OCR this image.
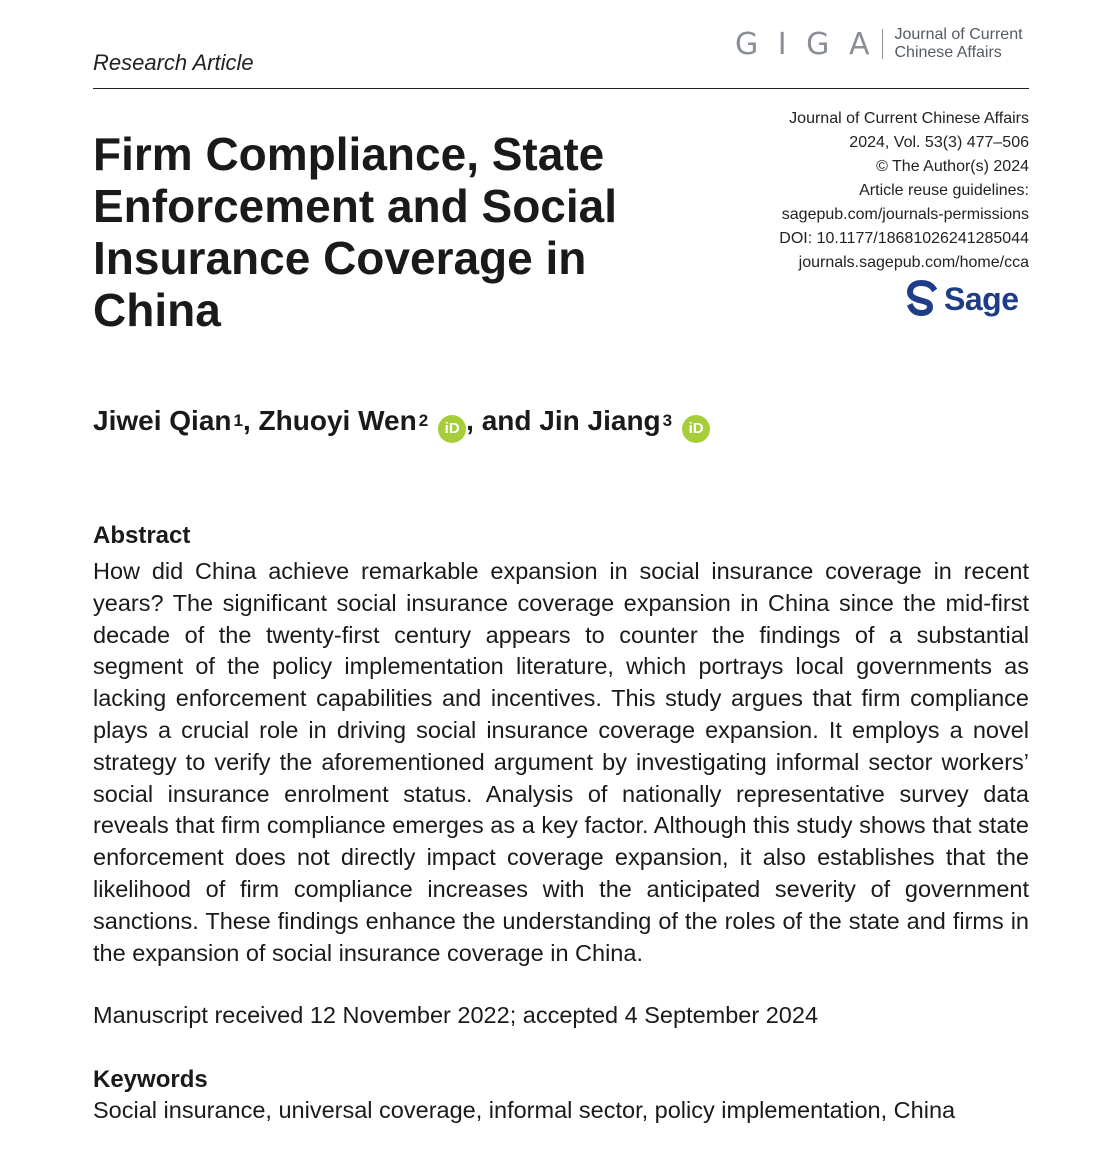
Research Article
G I G A Journal of Current
Chinese Affairs
Journal of Current Chinese Affairs
2024, Vol. 53(3) 477–506
© The Author(s) 2024
Article reuse guidelines:
sagepub.com/journals-permissions
DOI: 10.1177/18681026241285044
journals.sagepub.com/home/cca
Sage
Firm Compliance, State Enforcement and Social Insurance Coverage in China
Jiwei Qian$^1$ , Zhuoyi Wen$^2$	iD , and Jin Jiang$^3$	iD
Abstract
How did China achieve remarkable expansion in social insurance coverage in recent years? The significant social insurance coverage expansion in China since the mid-first decade of the twenty-first century appears to counter the findings of a substantial segment of the policy implementation literature, which portrays local governments as lacking enforcement capabilities and incentives. This study argues that firm compliance plays a crucial role in driving social insurance coverage expansion. It employs a novel strategy to verify the aforementioned argument by investigating informal sector workers’ social insurance enrolment status. Analysis of nationally representative survey data reveals that firm compliance emerges as a key factor. Although this study shows that state enforcement does not directly impact coverage expansion, it also establishes that the likelihood of firm compliance increases with the anticipated severity of government sanctions. These findings enhance the understanding of the roles of the state and firms in the expansion of social insurance coverage in China.
Manuscript received 12 November 2022; accepted 4 September 2024
Keywords
Social insurance, universal coverage, informal sector, policy implementation, China
